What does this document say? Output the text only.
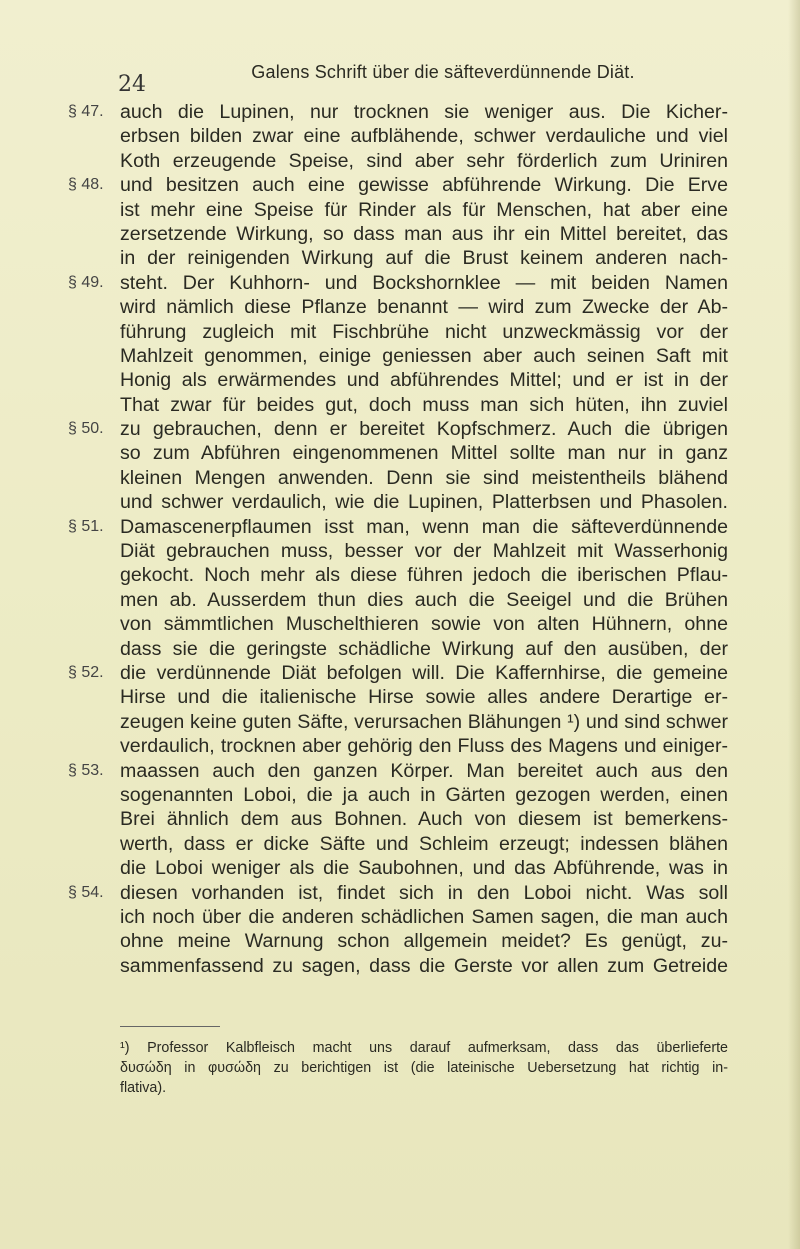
24	Galens Schrift über die säfteverdünnende Diät.
§ 47. auch die Lupinen, nur trocknen sie weniger aus. Die Kicher-
erbsen bilden zwar eine aufblähende, schwer verdauliche und viel
Koth erzeugende Speise, sind aber sehr förderlich zum Uriniren
§ 48. und besitzen auch eine gewisse abführende Wirkung. Die Erve
ist mehr eine Speise für Rinder als für Menschen, hat aber eine
zersetzende Wirkung, so dass man aus ihr ein Mittel bereitet, das
in der reinigenden Wirkung auf die Brust keinem anderen nach-
§ 49. steht. Der Kuhhorn- und Bockshornklee — mit beiden Namen
wird nämlich diese Pflanze benannt — wird zum Zwecke der Ab-
führung zugleich mit Fischbrühe nicht unzweckmässig vor der
Mahlzeit genommen, einige geniessen aber auch seinen Saft mit
Honig als erwärmendes und abführendes Mittel; und er ist in der
That zwar für beides gut, doch muss man sich hüten, ihn zuviel
§ 50. zu gebrauchen, denn er bereitet Kopfschmerz. Auch die übrigen
so zum Abführen eingenommenen Mittel sollte man nur in ganz
kleinen Mengen anwenden. Denn sie sind meistentheils blähend
und schwer verdaulich, wie die Lupinen, Platterbsen und Phasolen.
§ 51. Damascenerpflaumen isst man, wenn man die säfteverdünnende
Diät gebrauchen muss, besser vor der Mahlzeit mit Wasserhonig
gekocht. Noch mehr als diese führen jedoch die iberischen Pflau-
men ab. Ausserdem thun dies auch die Seeigel und die Brühen
von sämmtlichen Muschelthieren sowie von alten Hühnern, ohne
dass sie die geringste schädliche Wirkung auf den ausüben, der
§ 52. die verdünnende Diät befolgen will. Die Kaffernhirse, die gemeine
Hirse und die italienische Hirse sowie alles andere Derartige er-
zeugen keine guten Säfte, verursachen Blähungen ¹) und sind schwer
verdaulich, trocknen aber gehörig den Fluss des Magens und einiger-
§ 53. maassen auch den ganzen Körper. Man bereitet auch aus den
sogenannten Loboi, die ja auch in Gärten gezogen werden, einen
Brei ähnlich dem aus Bohnen. Auch von diesem ist bemerkens-
werth, dass er dicke Säfte und Schleim erzeugt; indessen blähen
die Loboi weniger als die Saubohnen, und das Abführende, was in
§ 54. diesen vorhanden ist, findet sich in den Loboi nicht. Was soll
ich noch über die anderen schädlichen Samen sagen, die man auch
ohne meine Warnung schon allgemein meidet? Es genügt, zu-
sammenfassend zu sagen, dass die Gerste vor allen zum Getreide
¹) Professor Kalbfleisch macht uns darauf aufmerksam, dass das überlieferte
δυσώδη in φυσώδη zu berichtigen ist (die lateinische Uebersetzung hat richtig in-
flativa).
